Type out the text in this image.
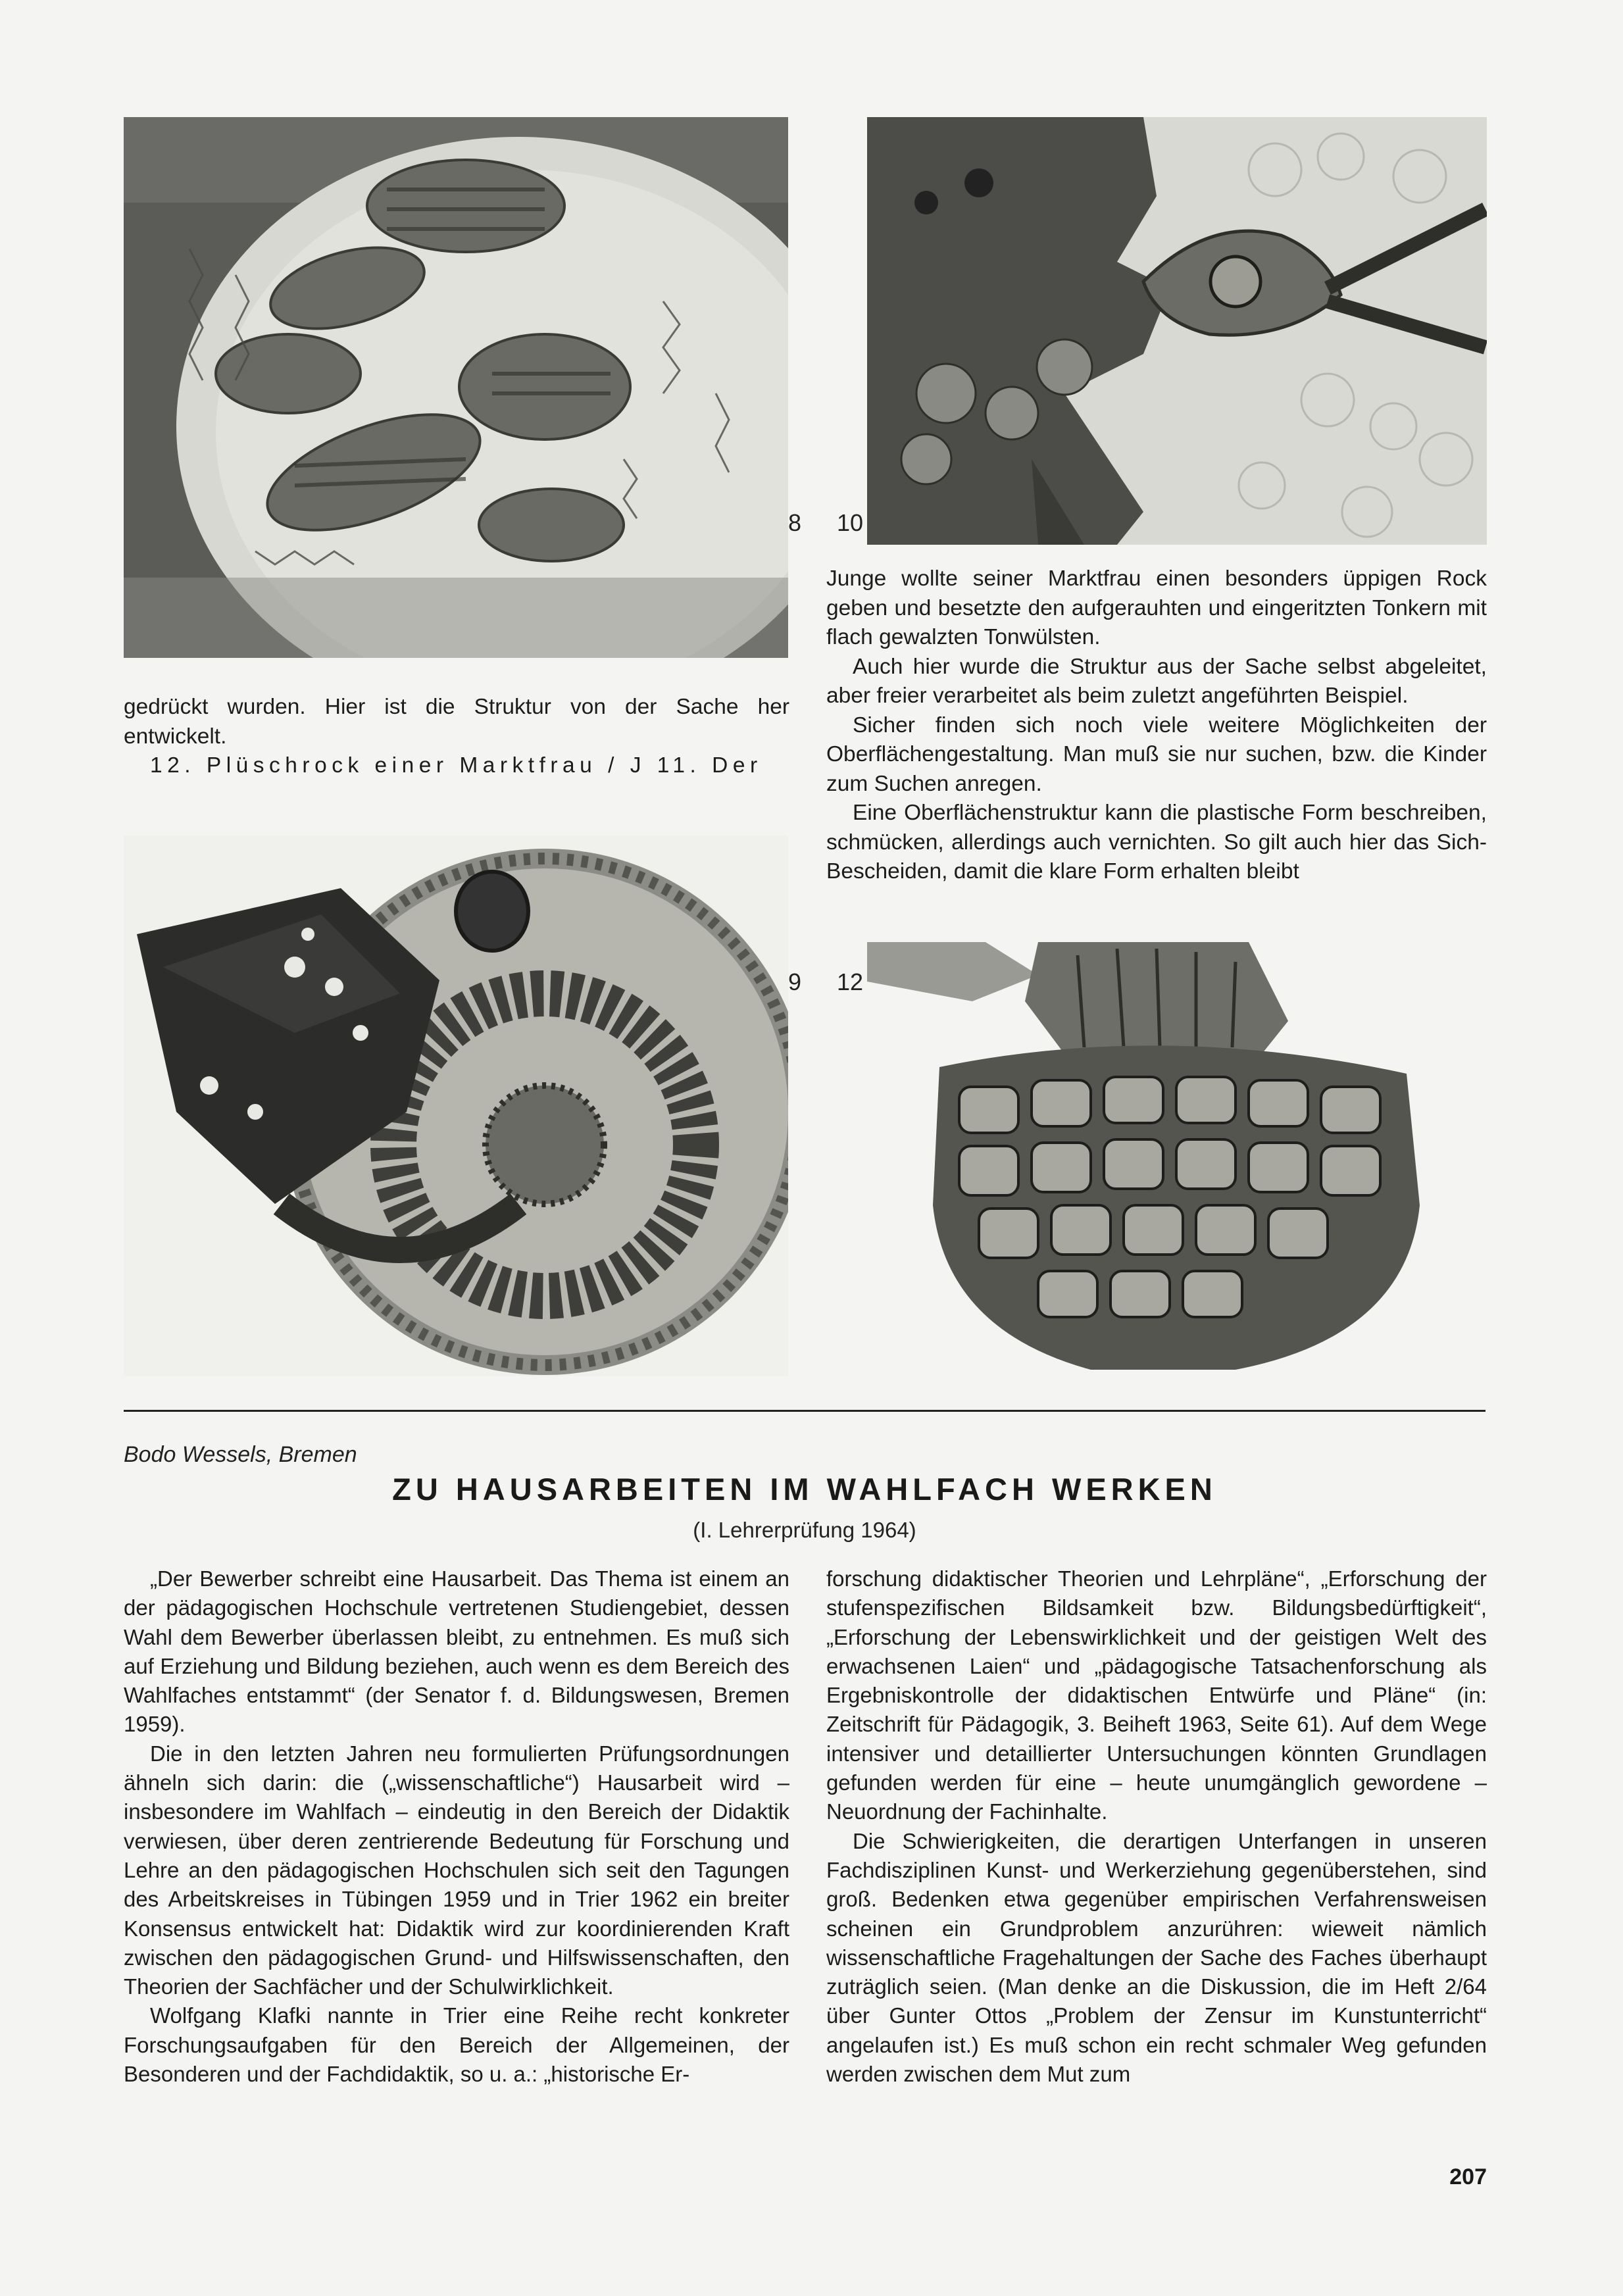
8 10

gedrückt wurden. Hier ist die Struktur von der Sache her

entwickelt.

12. Plüschrock einer Marktfrau / J 11. Der

Junge wollte seiner Marktfrau einen besonders üppigen Rock geben und besetzte den aufgerauhten und eingeritzten Tonkern mit flach gewalzten Tonwülsten.

Auch hier wurde die Struktur aus der Sache selbst abgeleitet, aber freier verarbeitet als beim zuletzt angeführten Beispiel.

Sicher finden sich noch viele weitere Möglichkeiten der Oberflächengestaltung. Man muß sie nur suchen, bzw. die Kinder zum Suchen anregen.

Eine Oberflächenstruktur kann die plastische Form beschreiben, schmücken, allerdings auch vernichten. So gilt auch hier das Sich-Bescheiden, damit die klare Form erhalten bleibt

9 12
Bodo Wessels, Bremen
ZU HAUSARBEITEN IM WAHLFACH WERKEN
(I. Lehrerprüfung 1964)

„Der Bewerber schreibt eine Hausarbeit. Das Thema ist einem an der pädagogischen Hochschule vertretenen Studiengebiet, dessen Wahl dem Bewerber überlassen bleibt, zu entnehmen. Es muß sich auf Erziehung und Bildung beziehen, auch wenn es dem Bereich des Wahlfaches entstammt“ (der Senator f. d. Bildungswesen, Bremen 1959).

Die in den letzten Jahren neu formulierten Prüfungsordnungen ähneln sich darin: die („wissenschaftliche“) Hausarbeit wird – insbesondere im Wahlfach – eindeutig in den Bereich der Didaktik verwiesen, über deren zentrierende Bedeutung für Forschung und Lehre an den pädagogischen Hochschulen sich seit den Tagungen des Arbeitskreises in Tübingen 1959 und in Trier 1962 ein breiter Konsensus entwickelt hat: Didaktik wird zur koordinierenden Kraft zwischen den pädagogischen Grund- und Hilfswissenschaften, den Theorien der Sachfächer und der Schulwirklichkeit.

Wolfgang Klafki nannte in Trier eine Reihe recht konkreter Forschungsaufgaben für den Bereich der Allgemeinen, der Besonderen und der Fachdidaktik, so u. a.: „historische Er-

forschung didaktischer Theorien und Lehrpläne“, „Erforschung der stufenspezifischen Bildsamkeit bzw. Bildungsbedürftigkeit“, „Erforschung der Lebenswirklichkeit und der geistigen Welt des erwachsenen Laien“ und „pädagogische Tatsachenforschung als Ergebniskontrolle der didaktischen Entwürfe und Pläne“ (in: Zeitschrift für Pädagogik, 3. Beiheft 1963, Seite 61). Auf dem Wege intensiver und detaillierter Untersuchungen könnten Grundlagen gefunden werden für eine – heute unumgänglich gewordene – Neuordnung der Fachinhalte.

Die Schwierigkeiten, die derartigen Unterfangen in unseren Fachdisziplinen Kunst- und Werkerziehung gegenüberstehen, sind groß. Bedenken etwa gegenüber empirischen Verfahrensweisen scheinen ein Grundproblem anzurühren: wieweit nämlich wissenschaftliche Fragehaltungen der Sache des Faches überhaupt zuträglich seien. (Man denke an die Diskussion, die im Heft 2/64 über Gunter Ottos „Problem der Zensur im Kunstunterricht“ angelaufen ist.) Es muß schon ein recht schmaler Weg gefunden werden zwischen dem Mut zum

207
